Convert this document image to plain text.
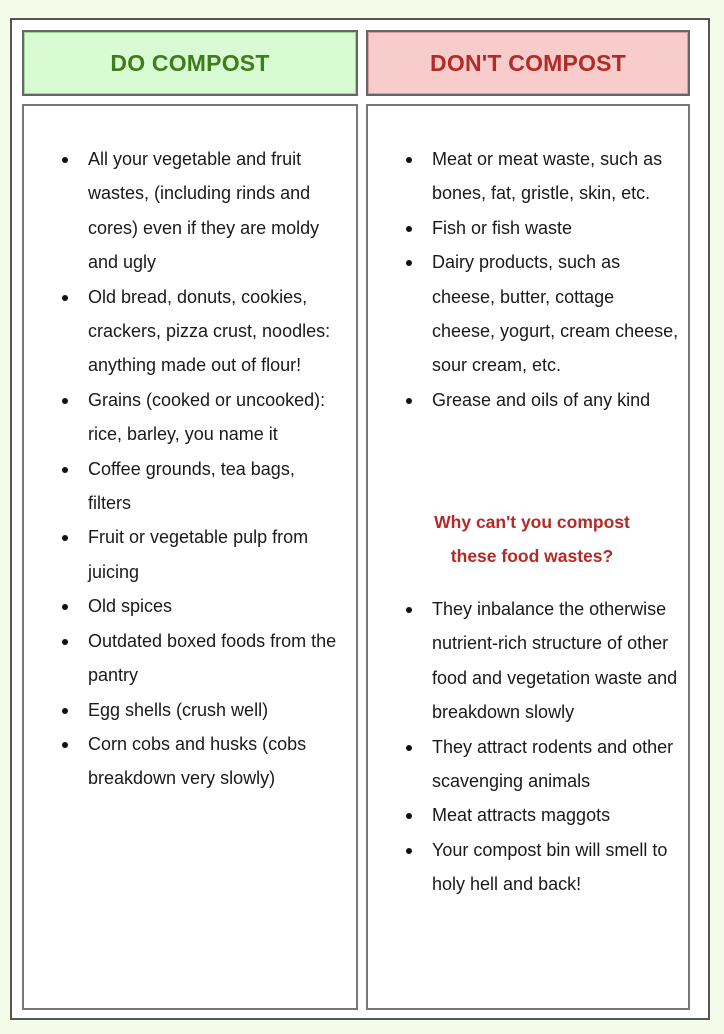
DO COMPOST	DON'T COMPOST
All your vegetable and fruit wastes, (including rinds and cores) even if they are moldy and ugly
Old bread, donuts, cookies, crackers, pizza crust, noodles: anything made out of flour!
Grains (cooked or uncooked): rice, barley, you name it
Coffee grounds, tea bags, filters
Fruit or vegetable pulp from juicing
Old spices
Outdated boxed foods from the pantry
Egg shells (crush well)
Corn cobs and husks (cobs breakdown very slowly)
Meat or meat waste, such as bones, fat, gristle, skin, etc.
Fish or fish waste
Dairy products, such as cheese, butter, cottage cheese, yogurt, cream cheese, sour cream, etc.
Grease and oils of any kind
Why can't you compost these food wastes?
They inbalance the otherwise nutrient-rich structure of other food and vegetation waste and breakdown slowly
They attract rodents and other scavenging animals
Meat attracts maggots
Your compost bin will smell to holy hell and back!
